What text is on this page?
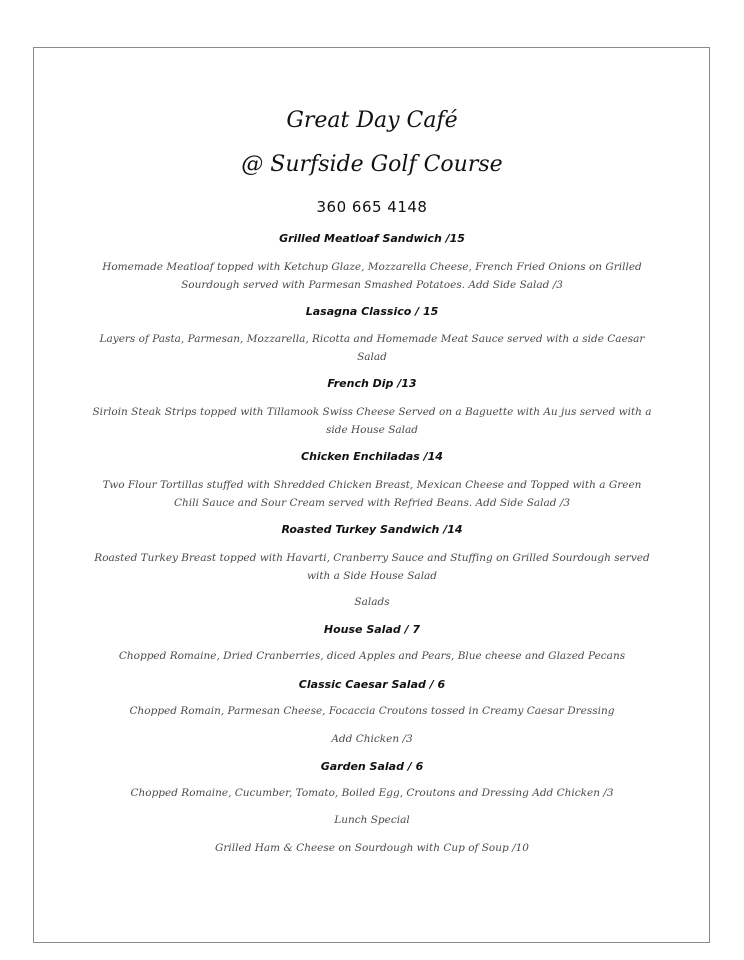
Great Day Café
@ Surfside Golf Course
360 665 4148
Grilled Meatloaf Sandwich /15
Homemade Meatloaf topped with Ketchup Glaze, Mozzarella Cheese, French Fried Onions on Grilled Sourdough served with Parmesan Smashed Potatoes. Add Side Salad /3
Lasagna Classico / 15
Layers of Pasta, Parmesan, Mozzarella, Ricotta and Homemade Meat Sauce served with a side Caesar Salad
French Dip /13
Sirloin Steak Strips topped with Tillamook Swiss Cheese Served on a Baguette with Au jus served with a side House Salad
Chicken Enchiladas /14
Two Flour Tortillas stuffed with Shredded Chicken Breast, Mexican Cheese and Topped with a Green Chili Sauce and Sour Cream served with Refried Beans. Add Side Salad /3
Roasted Turkey Sandwich /14
Roasted Turkey Breast topped with Havarti, Cranberry Sauce and Stuffing on Grilled Sourdough served with a Side House Salad
Salads
House Salad / 7
Chopped Romaine, Dried Cranberries, diced Apples and Pears, Blue cheese and Glazed Pecans
Classic Caesar Salad / 6
Chopped Romain, Parmesan Cheese, Focaccia Croutons tossed in Creamy Caesar Dressing
Add Chicken /3
Garden Salad / 6
Chopped Romaine, Cucumber, Tomato, Boiled Egg, Croutons and Dressing Add Chicken /3
Lunch Special
Grilled Ham & Cheese on Sourdough with Cup of Soup /10
